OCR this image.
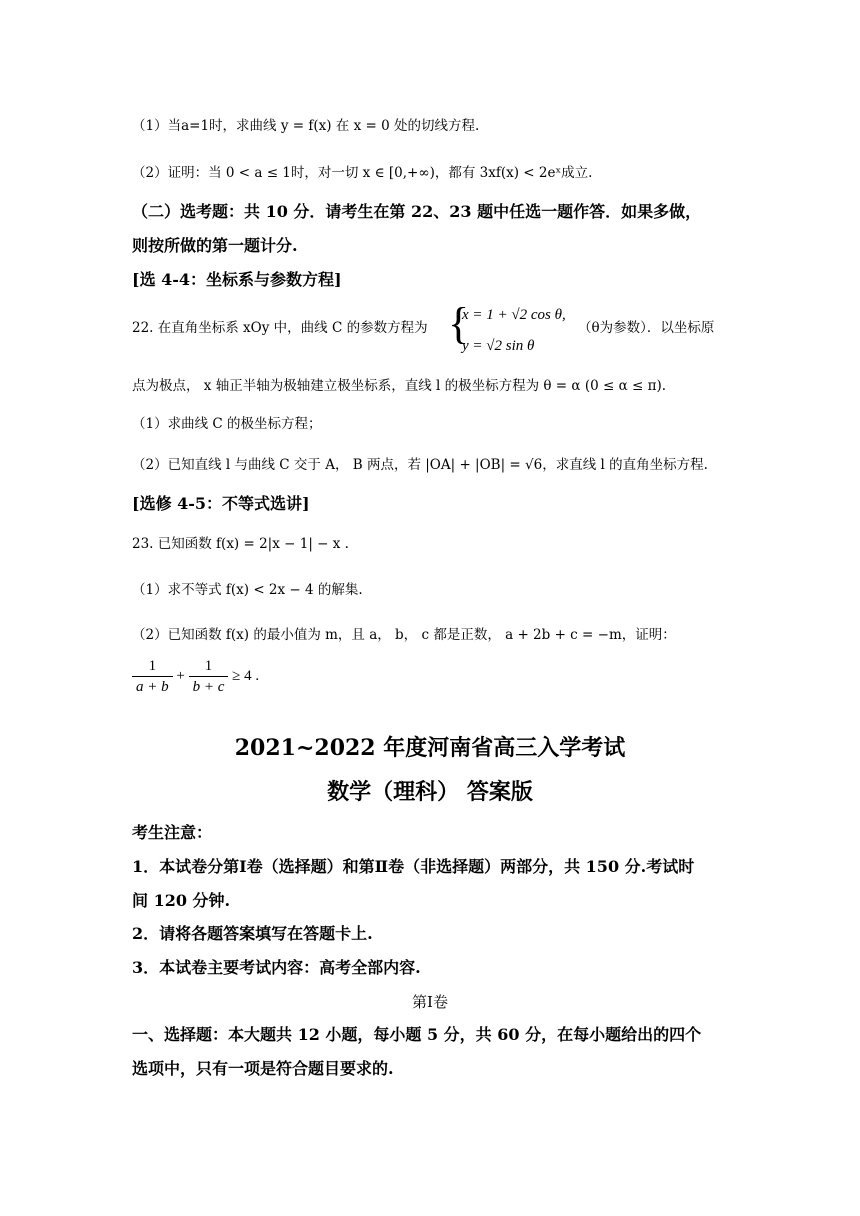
（1）当a=1时，求曲线 y = f(x) 在 x = 0 处的切线方程.
（2）证明：当 0 < a ≤ 1时，对一切 x ∈ [0,+∞)，都有 3xf(x) < 2eˣ成立.
（二）选考题：共 10 分．请考生在第 22、23 题中任选一题作答．如果多做，
则按所做的第一题计分.
[选 4-4：坐标系与参数方程]
22. 在直角坐标系 xOy 中，曲线 C 的参数方程为 {
x = 1 + √2 cos θ,
y = √2 sin θ
（θ为参数）．以坐标原
点为极点， x 轴正半轴为极轴建立极坐标系，直线 l 的极坐标方程为 θ = α (0 ≤ α ≤ π).
（1）求曲线 C 的极坐标方程；
（2）已知直线 l 与曲线 C 交于 A， B 两点，若 |OA| + |OB| = √6，求直线 l 的直角坐标方程.
[选修 4-5：不等式选讲]
23. 已知函数 f(x) = 2|x − 1| − x .
（1）求不等式 f(x) < 2x − 4 的解集.
（2）已知函数 f(x) 的最小值为 m，且 a， b， c 都是正数， a + 2b + c = −m，证明：
$\frac{1}{a + b} + \frac{1}{b + c} \ge 4$ .
2021~2022 年度河南省高三入学考试
数学（理科） 答案版
考生注意：
1．本试卷分第Ⅰ卷（选择题）和第Ⅱ卷（非选择题）两部分，共 150 分.考试时
间 120 分钟.
2．请将各题答案填写在答题卡上.
3．本试卷主要考试内容：高考全部内容.
第Ⅰ卷
一、选择题：本大题共 12 小题，每小题 5 分，共 60 分，在每小题给出的四个
选项中，只有一项是符合题目要求的.
